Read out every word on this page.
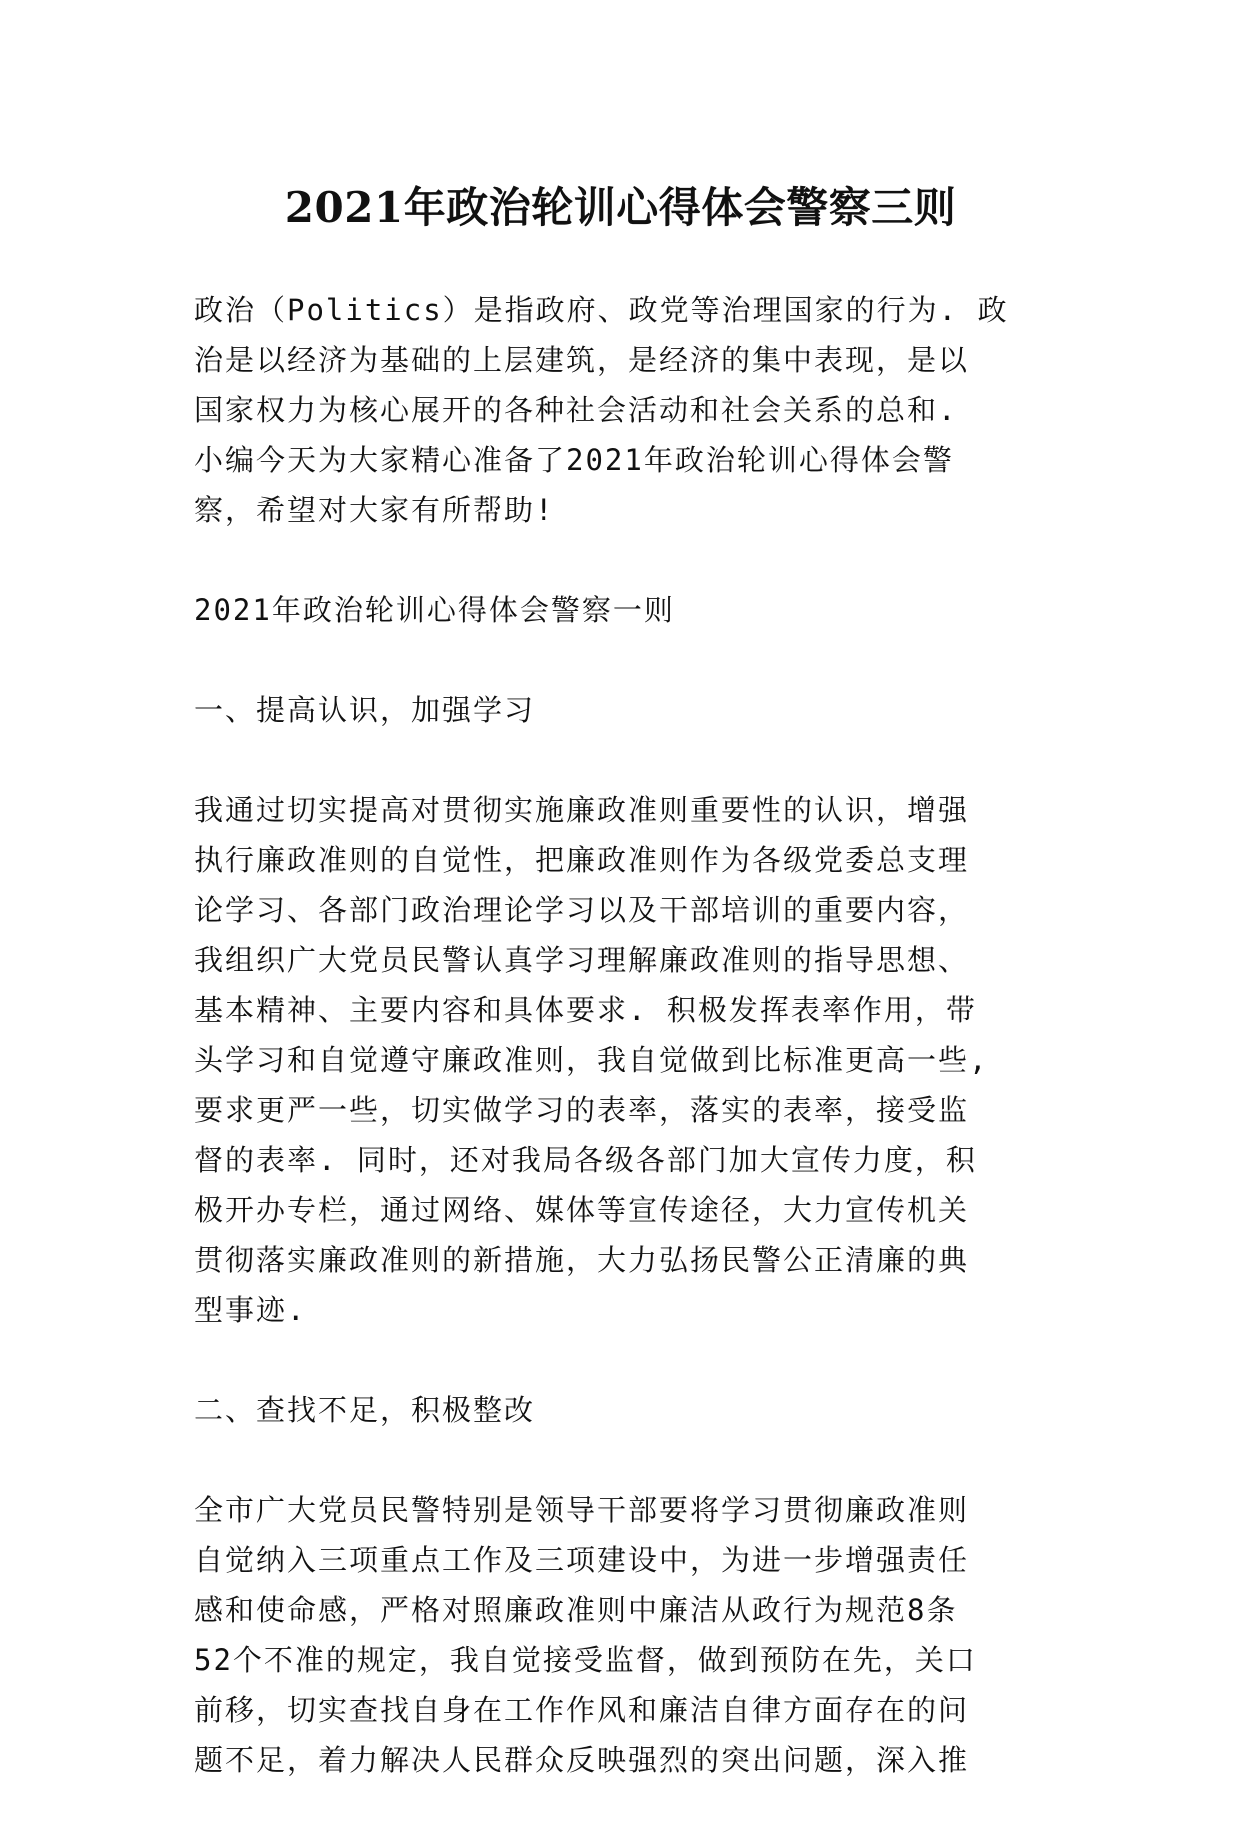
2021年政治轮训心得体会警察三则

政治（Politics）是指政府、政党等治理国家的行为. 政
治是以经济为基础的上层建筑，是经济的集中表现，是以
国家权力为核心展开的各种社会活动和社会关系的总和.
小编今天为大家精心准备了2021年政治轮训心得体会警
察，希望对大家有所帮助!

2021年政治轮训心得体会警察一则

一、提高认识，加强学习

我通过切实提高对贯彻实施廉政准则重要性的认识，增强
执行廉政准则的自觉性，把廉政准则作为各级党委总支理
论学习、各部门政治理论学习以及干部培训的重要内容，
我组织广大党员民警认真学习理解廉政准则的指导思想、
基本精神、主要内容和具体要求. 积极发挥表率作用，带
头学习和自觉遵守廉政准则，我自觉做到比标准更高一些,
要求更严一些，切实做学习的表率，落实的表率，接受监
督的表率. 同时，还对我局各级各部门加大宣传力度，积
极开办专栏，通过网络、媒体等宣传途径，大力宣传机关
贯彻落实廉政准则的新措施，大力弘扬民警公正清廉的典
型事迹.

二、查找不足，积极整改

全市广大党员民警特别是领导干部要将学习贯彻廉政准则
自觉纳入三项重点工作及三项建设中，为进一步增强责任
感和使命感，严格对照廉政准则中廉洁从政行为规范8条
52个不准的规定，我自觉接受监督，做到预防在先，关口
前移，切实查找自身在工作作风和廉洁自律方面存在的问
题不足，着力解决人民群众反映强烈的突出问题，深入推
